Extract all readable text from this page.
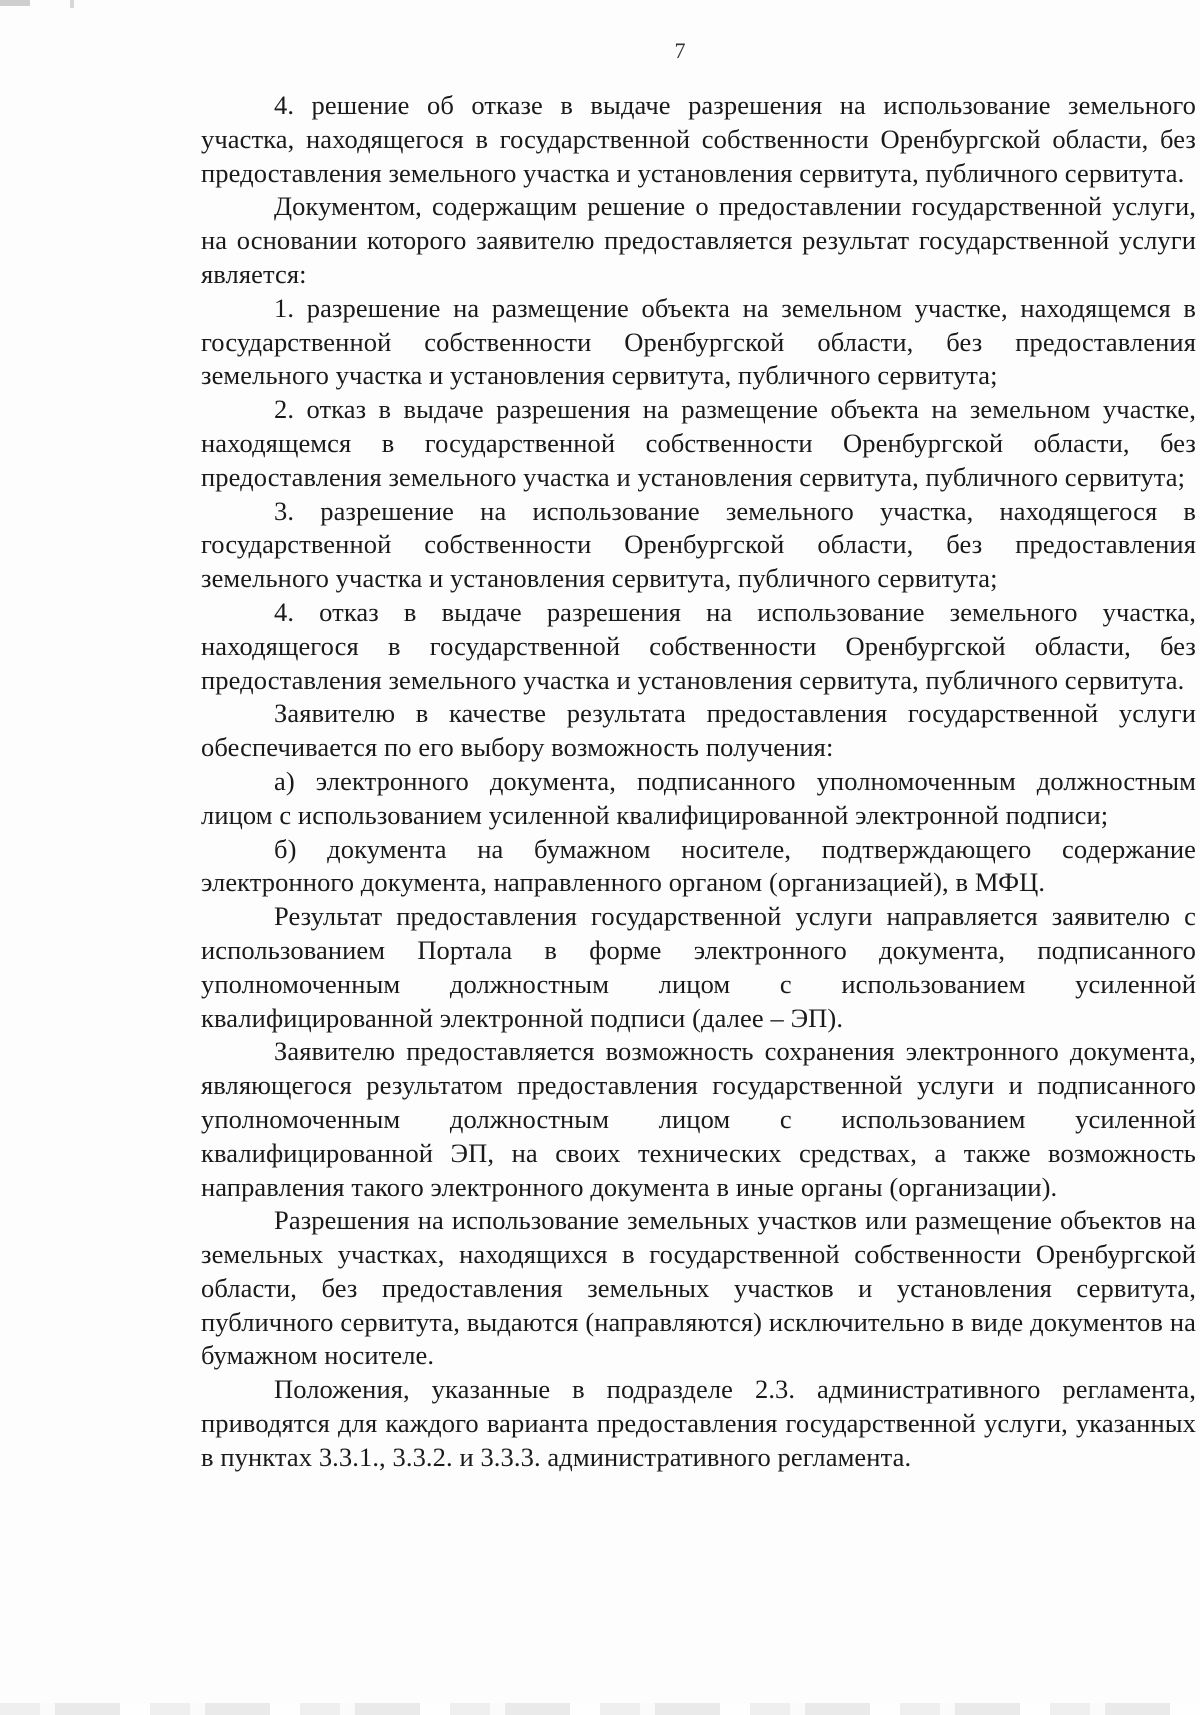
7

4. решение об отказе в выдаче разрешения на использование земельного участка, находящегося в государственной собственности Оренбургской области, без предоставления земельного участка и установления сервитута, публичного сервитута.

Документом, содержащим решение о предоставлении государственной услуги, на основании которого заявителю предоставляется результат государственной услуги является:

1. разрешение на размещение объекта на земельном участке, находящемся в государственной собственности Оренбургской области, без предоставления земельного участка и установления сервитута, публичного сервитута;

2. отказ в выдаче разрешения на размещение объекта на земельном участке, находящемся в государственной собственности Оренбургской области, без предоставления земельного участка и установления сервитута, публичного сервитута;

3. разрешение на использование земельного участка, находящегося в государственной собственности Оренбургской области, без предоставления земельного участка и установления сервитута, публичного сервитута;

4. отказ в выдаче разрешения на использование земельного участка, находящегося в государственной собственности Оренбургской области, без предоставления земельного участка и установления сервитута, публичного сервитута.

Заявителю в качестве результата предоставления государственной услуги обеспечивается по его выбору возможность получения:

а) электронного документа, подписанного уполномоченным должностным лицом с использованием усиленной квалифицированной электронной подписи;

б) документа на бумажном носителе, подтверждающего содержание электронного документа, направленного органом (организацией), в МФЦ.

Результат предоставления государственной услуги направляется заявителю с использованием Портала в форме электронного документа, подписанного уполномоченным должностным лицом с использованием усиленной квалифицированной электронной подписи (далее – ЭП).

Заявителю предоставляется возможность сохранения электронного документа, являющегося результатом предоставления государственной услуги и подписанного уполномоченным должностным лицом с использованием усиленной квалифицированной ЭП, на своих технических средствах, а также возможность направления такого электронного документа в иные органы (организации).

Разрешения на использование земельных участков или размещение объектов на земельных участках, находящихся в государственной собственности Оренбургской области, без предоставления земельных участков и установления сервитута, публичного сервитута, выдаются (направляются) исключительно в виде документов на бумажном носителе.

Положения, указанные в подразделе 2.3. административного регламента, приводятся для каждого варианта предоставления государственной услуги, указанных в пунктах 3.3.1., 3.3.2. и 3.3.3. административного регламента.
